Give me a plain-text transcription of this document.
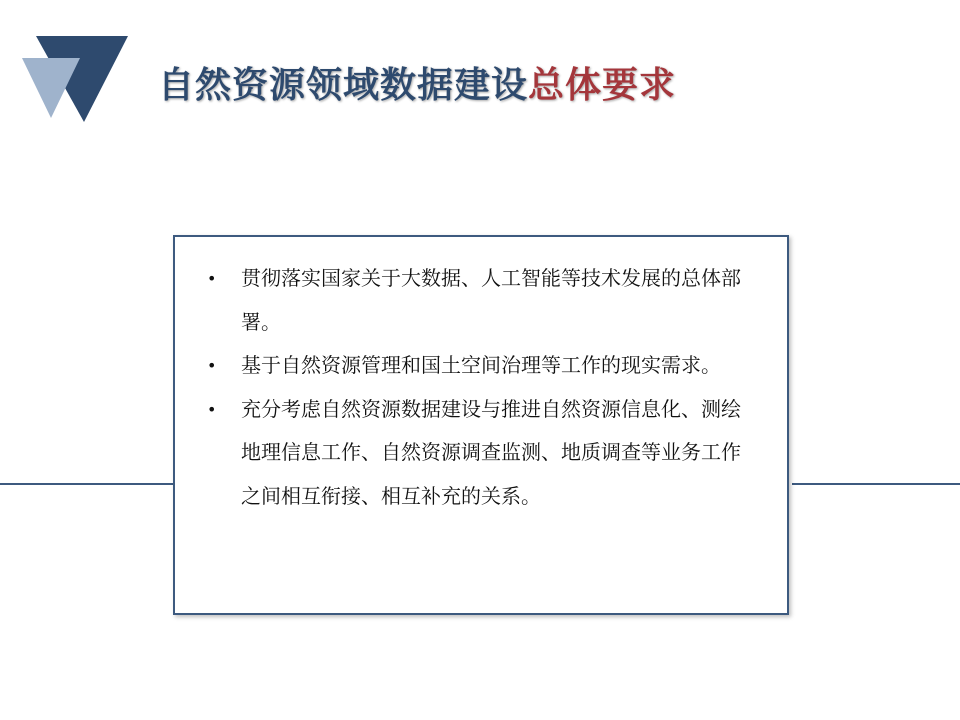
自然资源领域数据建设总体要求
•	贯彻落实国家关于大数据、人工智能等技术发展的总体部署。
•	基于自然资源管理和国土空间治理等工作的现实需求。
•	充分考虑自然资源数据建设与推进自然资源信息化、测绘地理信息工作、自然资源调查监测、地质调查等业务工作之间相互衔接、相互补充的关系。
